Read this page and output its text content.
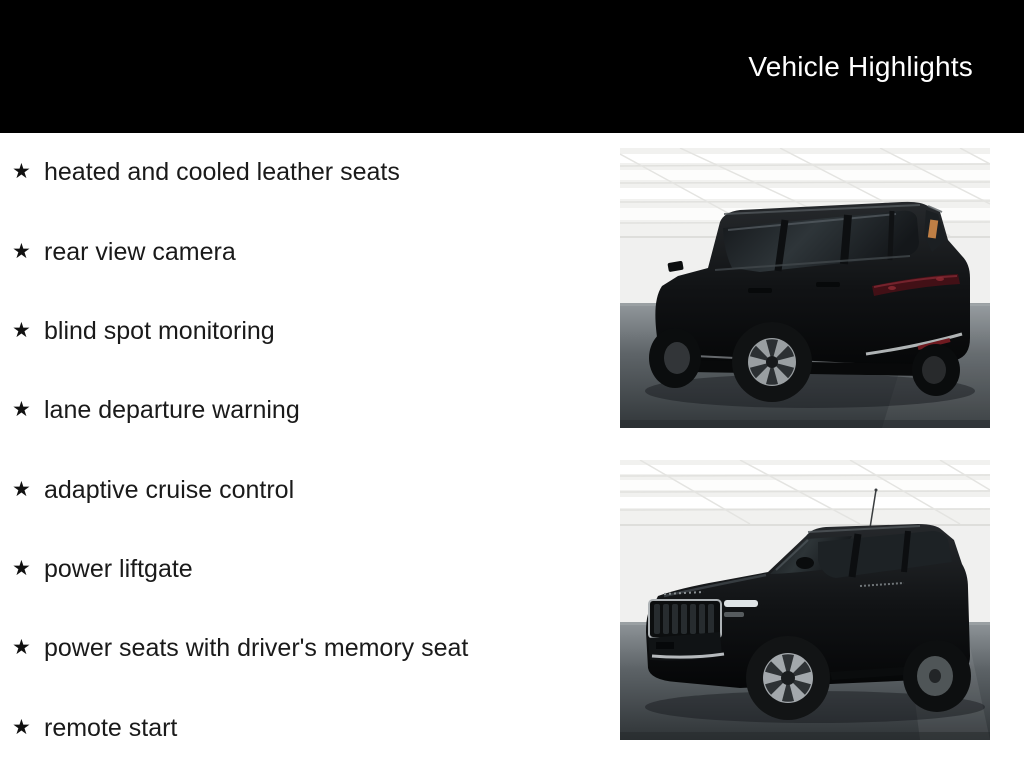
Vehicle Highlights
★ heated and cooled leather seats
★ rear view camera
★ blind spot monitoring
★ lane departure warning
★ adaptive cruise control
★ power liftgate
★ power seats with driver's memory seat
★ remote start
